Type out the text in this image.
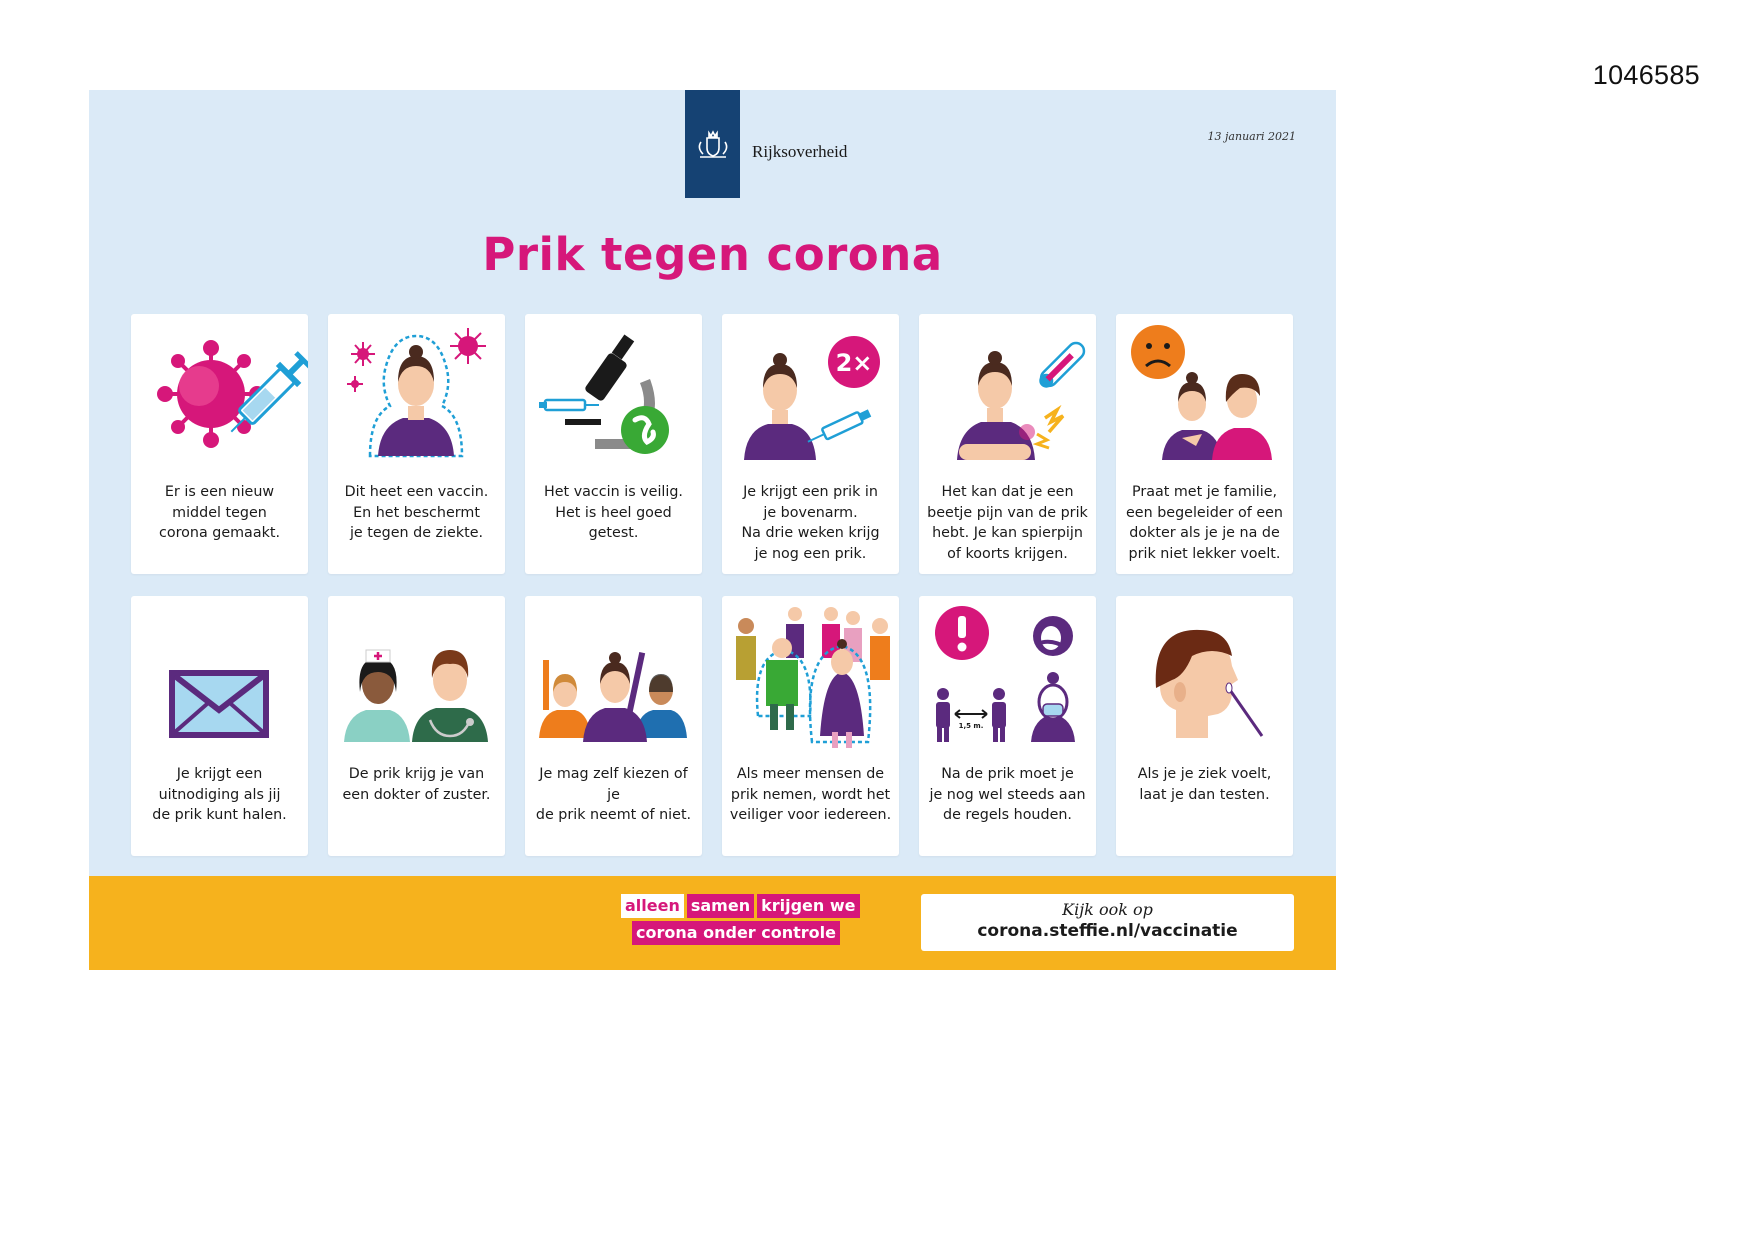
1046585
Rijksoverheid
13 januari 2021
Prik tegen corona
Er is een nieuw
middel tegen
corona gemaakt.
Dit heet een vaccin.
En het beschermt
je tegen de ziekte.
Het vaccin is veilig.
Het is heel goed
getest.
2×
Je krijgt een prik in
je bovenarm.
Na drie weken krijg
je nog een prik.
Het kan dat je een
beetje pijn van de prik
hebt. Je kan spierpijn
of koorts krijgen.
Praat met je familie,
een begeleider of een
dokter als je je na de
prik niet lekker voelt.
Je krijgt een
uitnodiging als jij
de prik kunt halen.
De prik krijg je van
een dokter of zuster.
Je mag zelf kiezen of je
de prik neemt of niet.
Als meer mensen de
prik nemen, wordt het
veiliger voor iedereen.
1,5 m.
Na de prik moet je
je nog wel steeds aan
de regels houden.
Als je je ziek voelt,
laat je dan testen.
alleen samen krijgen we
corona onder controle
Kijk ook op
corona.steffie.nl/vaccinatie
